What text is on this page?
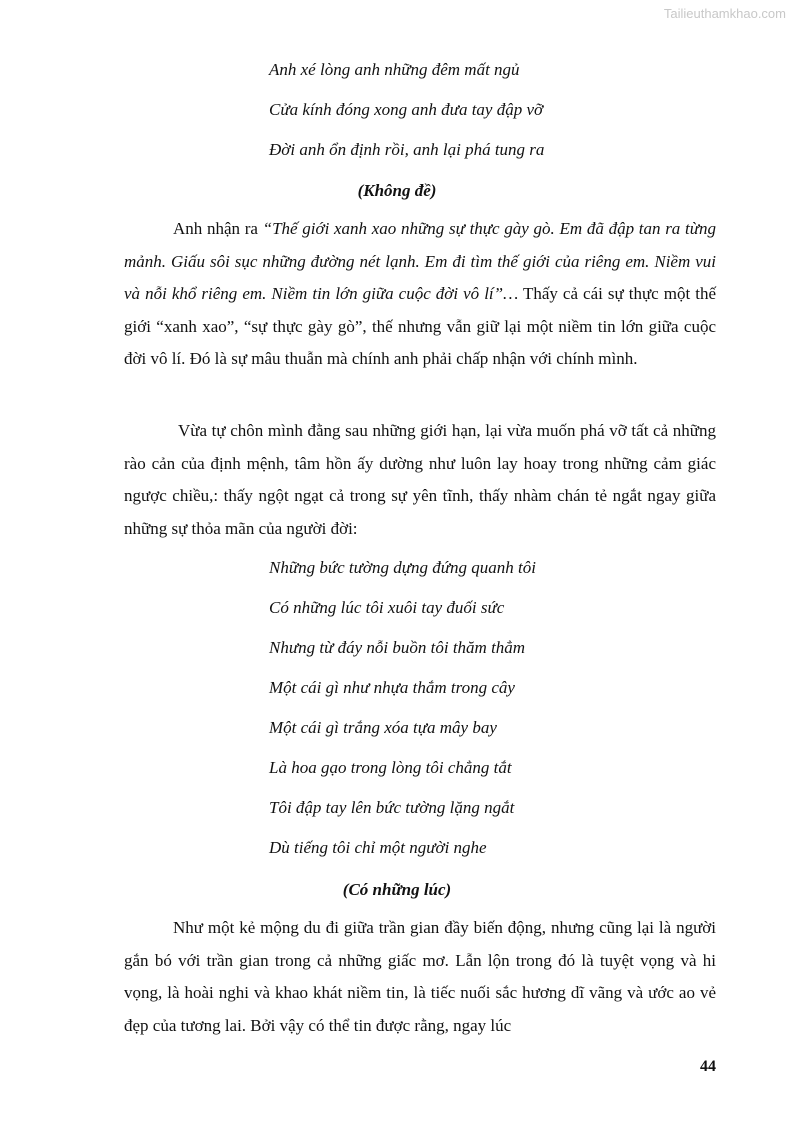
Tailieuthamkhao.com
Anh xé lòng anh những đêm mất ngủ
Cửa kính đóng xong anh đưa tay đập vỡ
Đời anh ổn định rồi, anh lại phá tung ra
(Không đề)

Anh nhận ra “Thế giới xanh xao những sự thực gày gò. Em đã đập tan ra từng mảnh. Giấu sôi sục những đường nét lạnh. Em đi tìm thế giới của riêng em. Niềm vui và nỗi khổ riêng em. Niềm tin lớn giữa cuộc đời vô lí”… Thấy cả cái sự thực một thế giới “xanh xao”, “sự thực gày gò”, thế nhưng vẫn giữ lại một niềm tin lớn giữa cuộc đời vô lí. Đó là sự mâu thuẫn mà chính anh phải chấp nhận với chính mình.

Vừa tự chôn mình đằng sau những giới hạn, lại vừa muốn phá vỡ tất cả những rào cản của định mệnh, tâm hồn ấy dường như luôn lay hoay trong những cảm giác ngược chiều,: thấy ngột ngạt cả trong sự yên tĩnh, thấy nhàm chán tẻ ngắt ngay giữa những sự thỏa mãn của người đời:

Những bức tường dựng đứng quanh tôi
Có những lúc tôi xuôi tay đuối sức
Nhưng từ đáy nỗi buồn tôi thăm thẳm
Một cái gì như nhựa thắm trong cây
Một cái gì trắng xóa tựa mây bay
Là hoa gạo trong lòng tôi chẳng tắt
Tôi đập tay lên bức tường lặng ngắt
Dù tiếng tôi chỉ một người nghe
(Có những lúc)

Như một kẻ mộng du đi giữa trần gian đầy biến động, nhưng cũng lại là người gắn bó với trần gian trong cả những giấc mơ. Lẫn lộn trong đó là tuyệt vọng và hi vọng, là hoài nghi và khao khát niềm tin, là tiếc nuối sắc hương dĩ vãng và ước ao vẻ đẹp của tương lai. Bởi vậy có thể tin được rằng, ngay lúc

44
